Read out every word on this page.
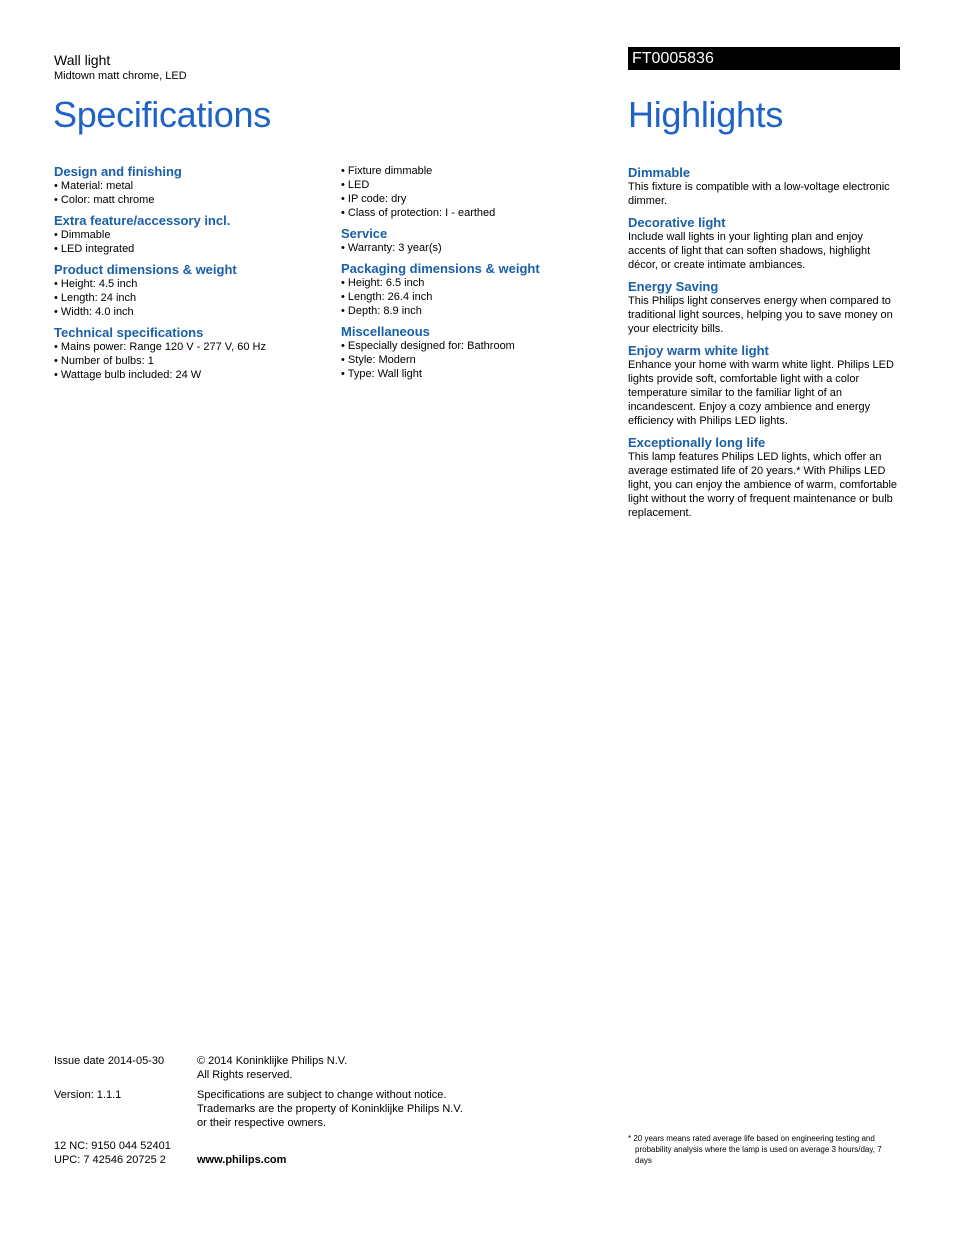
Wall light
Midtown matt chrome, LED
FT0005836
Specifications	Highlights
Design and finishing
• Material: metal
• Color: matt chrome
Extra feature/accessory incl.
• Dimmable
• LED integrated
Product dimensions & weight
• Height: 4.5 inch
• Length: 24 inch
• Width: 4.0 inch
Technical specifications
• Mains power: Range 120 V - 277 V, 60 Hz
• Number of bulbs: 1
• Wattage bulb included: 24 W
• Fixture dimmable
• LED
• IP code: dry
• Class of protection: I - earthed
Service
• Warranty: 3 year(s)
Packaging dimensions & weight
• Height: 6.5 inch
• Length: 26.4 inch
• Depth: 8.9 inch
Miscellaneous
• Especially designed for: Bathroom
• Style: Modern
• Type: Wall light
Dimmable
This fixture is compatible with a low-voltage electronic dimmer.
Decorative light
Include wall lights in your lighting plan and enjoy accents of light that can soften shadows, highlight décor, or create intimate ambiances.
Energy Saving
This Philips light conserves energy when compared to traditional light sources, helping you to save money on your electricity bills.
Enjoy warm white light
Enhance your home with warm white light. Philips LED lights provide soft, comfortable light with a color temperature similar to the familiar light of an incandescent. Enjoy a cozy ambience and energy efficiency with Philips LED lights.
Exceptionally long life
This lamp features Philips LED lights, which offer an average estimated life of 20 years.* With Philips LED light, you can enjoy the ambience of warm, comfortable light without the worry of frequent maintenance or bulb replacement.
Issue date 2014-05-30	© 2014 Koninklijke Philips N.V.
All Rights reserved.
Version: 1.1.1	Specifications are subject to change without notice.
Trademarks are the property of Koninklijke Philips N.V.
or their respective owners.
12 NC: 9150 044 52401
UPC: 7 42546 20725 2	www.philips.com
* 20 years means rated average life based on engineering testing and probability analysis where the lamp is used on average 3 hours/day, 7 days
